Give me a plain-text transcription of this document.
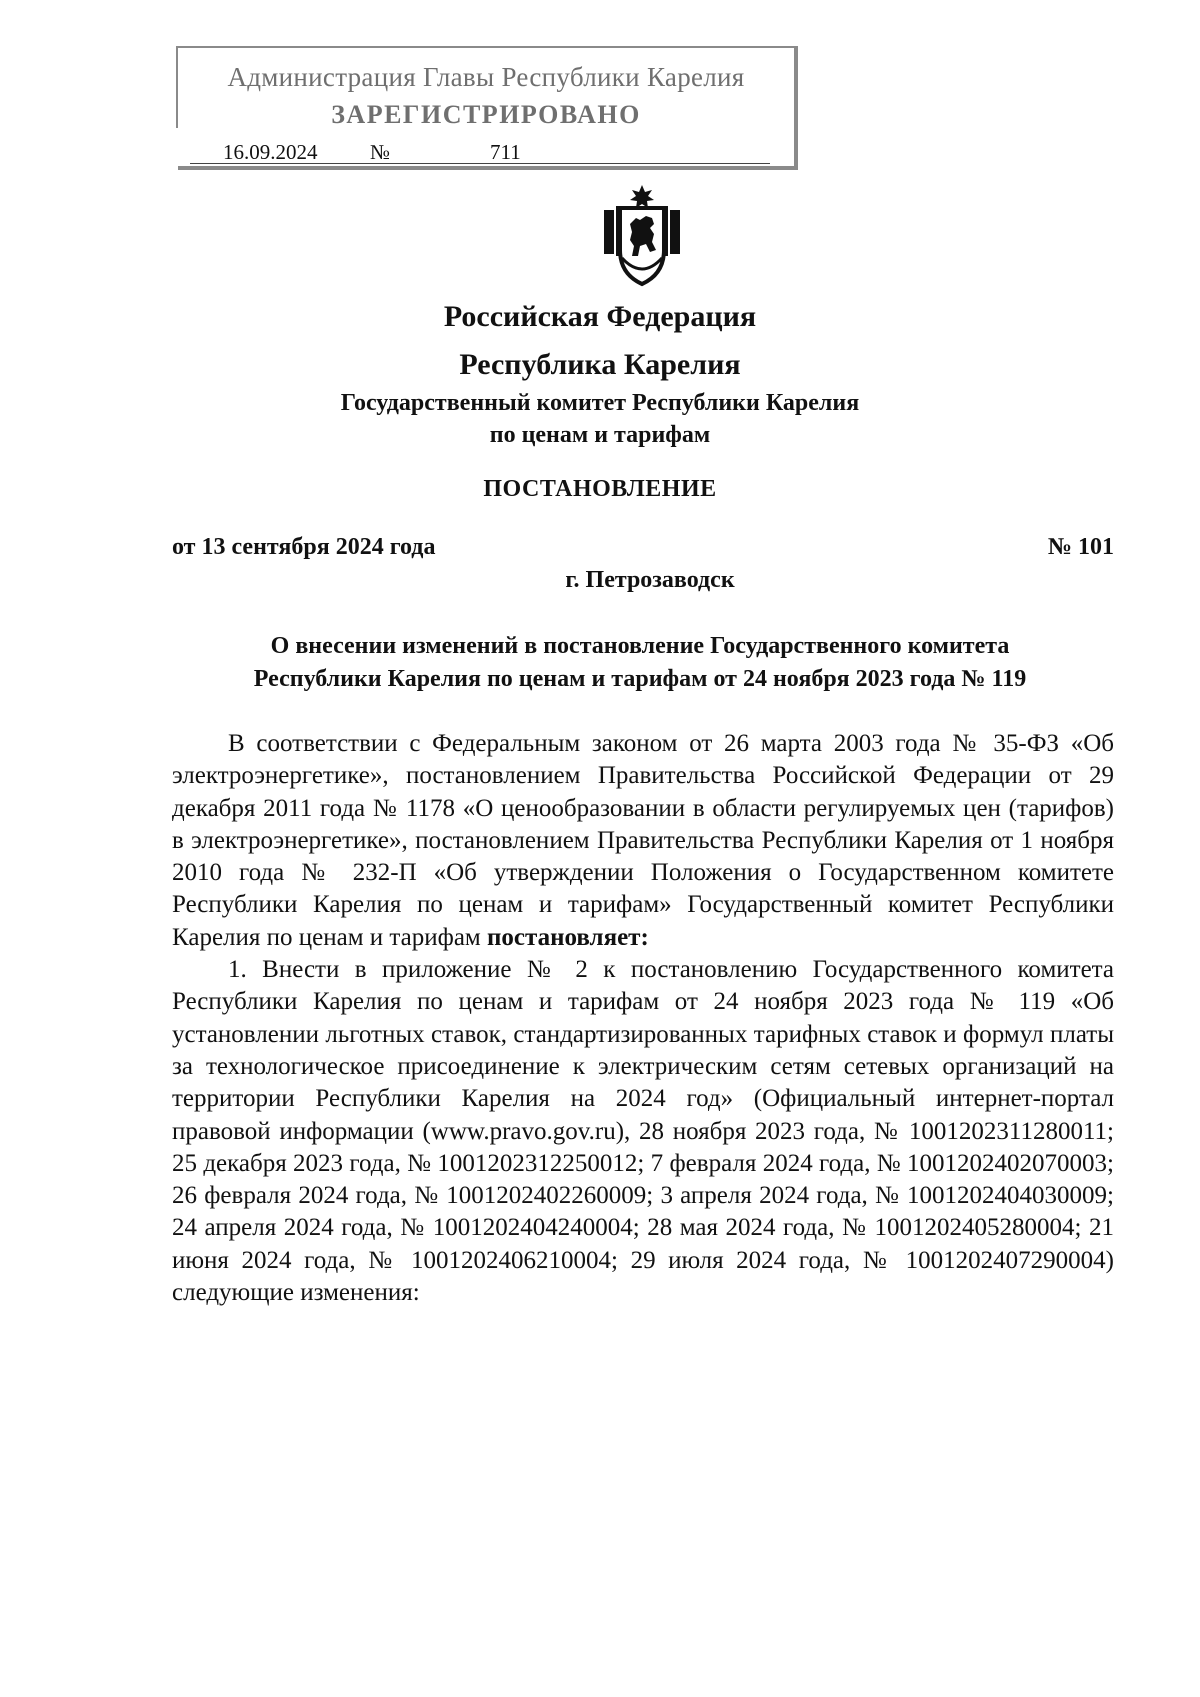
Администрация Главы Республики Карелия
ЗАРЕГИСТРИРОВАНО
16.09.2024	№	711
Российская Федерация
Республика Карелия
Государственный комитет Республики Карелия
по ценам и тарифам
ПОСТАНОВЛЕНИЕ
от 13 сентября 2024 года	№ 101
г. Петрозаводск
О внесении изменений в постановление Государственного комитета
Республики Карелия по ценам и тарифам от 24 ноября 2023 года № 119

В соответствии с Федеральным законом от 26 марта 2003 года № 35-ФЗ «Об электроэнергетике», постановлением Правительства Российской Федерации от 29 декабря 2011 года № 1178 «О ценообразовании в области регулируемых цен (тарифов) в электроэнергетике», постановлением Правительства Республики Карелия от 1 ноября 2010 года № 232-П «Об утверждении Положения о Государственном комитете Республики Карелия по ценам и тарифам» Государственный комитет Республики Карелия по ценам и тарифам постановляет:

1. Внести в приложение № 2 к постановлению Государственного комитета Республики Карелия по ценам и тарифам от 24 ноября 2023 года № 119 «Об установлении льготных ставок, стандартизированных тарифных ставок и формул платы за технологическое присоединение к электрическим сетям сетевых организаций на территории Республики Карелия на 2024 год» (Официальный интернет-портал правовой информации (www.pravo.gov.ru), 28 ноября 2023 года, № 1001202311280011; 25 декабря 2023 года, № 1001202312250012; 7 февраля 2024 года, № 1001202402070003; 26 февраля 2024 года, № 1001202402260009; 3 апреля 2024 года, № 1001202404030009; 24 апреля 2024 года, № 1001202404240004; 28 мая 2024 года, № 1001202405280004; 21 июня 2024 года, № 1001202406210004; 29 июля 2024 года, № 1001202407290004) следующие изменения:
